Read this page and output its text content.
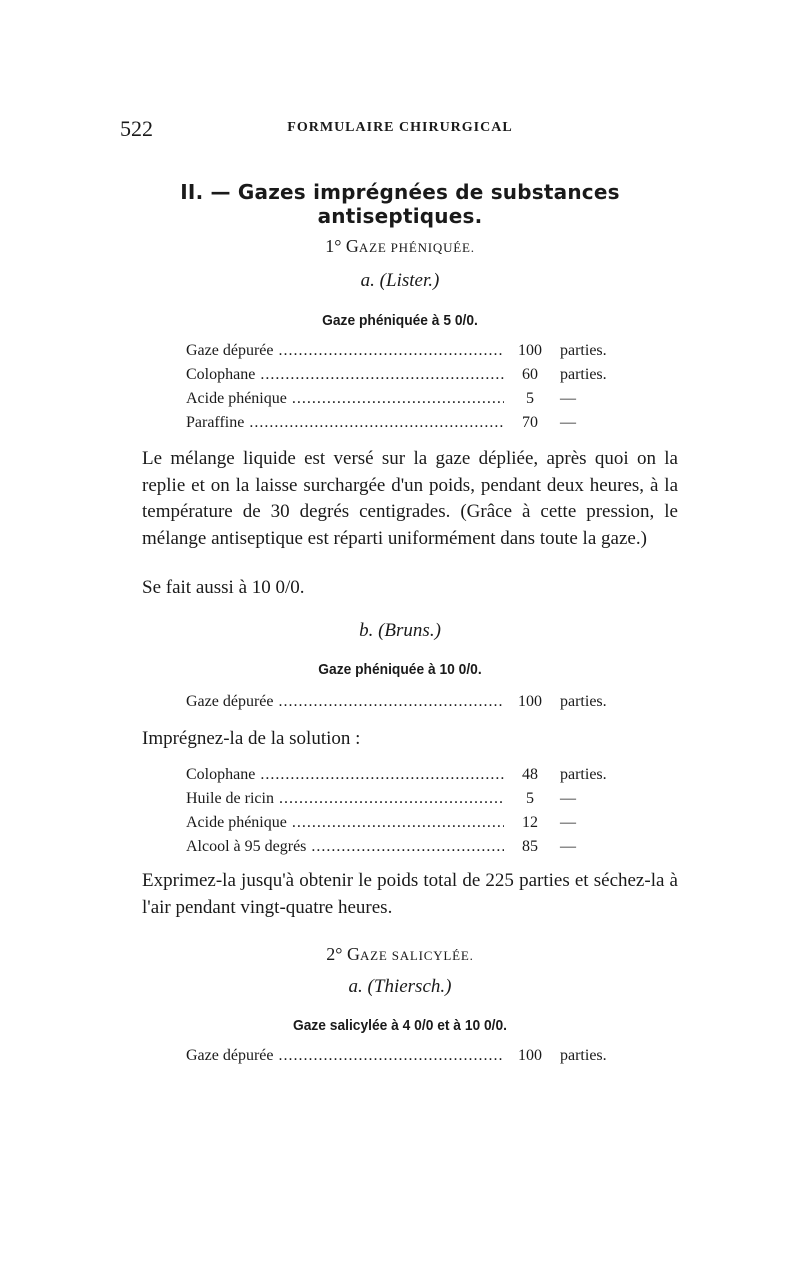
522	FORMULAIRE CHIRURGICAL
II. — Gazes imprégnées de substances antiseptiques.
1° GAZE PHÉNIQUÉE.
a. (Lister.)
Gaze phéniquée à 5 0/0.
Gaze dépurée .....	100	parties.
Colophane .....	60	parties.
Acide phénique .....	5	—
Paraffine .....	70	—
Le mélange liquide est versé sur la gaze dépliée, après quoi on la replie et on la laisse surchargée d'un poids, pendant deux heures, à la température de 30 degrés centigrades. (Grâce à cette pression, le mélange antiseptique est réparti uniformément dans toute la gaze.)
Se fait aussi à 10 0/0.
b. (Bruns.)
Gaze phéniquée à 10 0/0.
Gaze dépurée .....	100	parties.
Imprégnez-la de la solution :
Colophane .....	48	parties.
Huile de ricin .....	5	—
Acide phénique .....	12	—
Alcool à 95 degrés .....	85	—
Exprimez-la jusqu'à obtenir le poids total de 225 parties et séchez-la à l'air pendant vingt-quatre heures.
2° GAZE SALICYLÉE.
a. (Thiersch.)
Gaze salicylée à 4 0/0 et à 10 0/0.
Gaze dépurée .....	100	parties.
